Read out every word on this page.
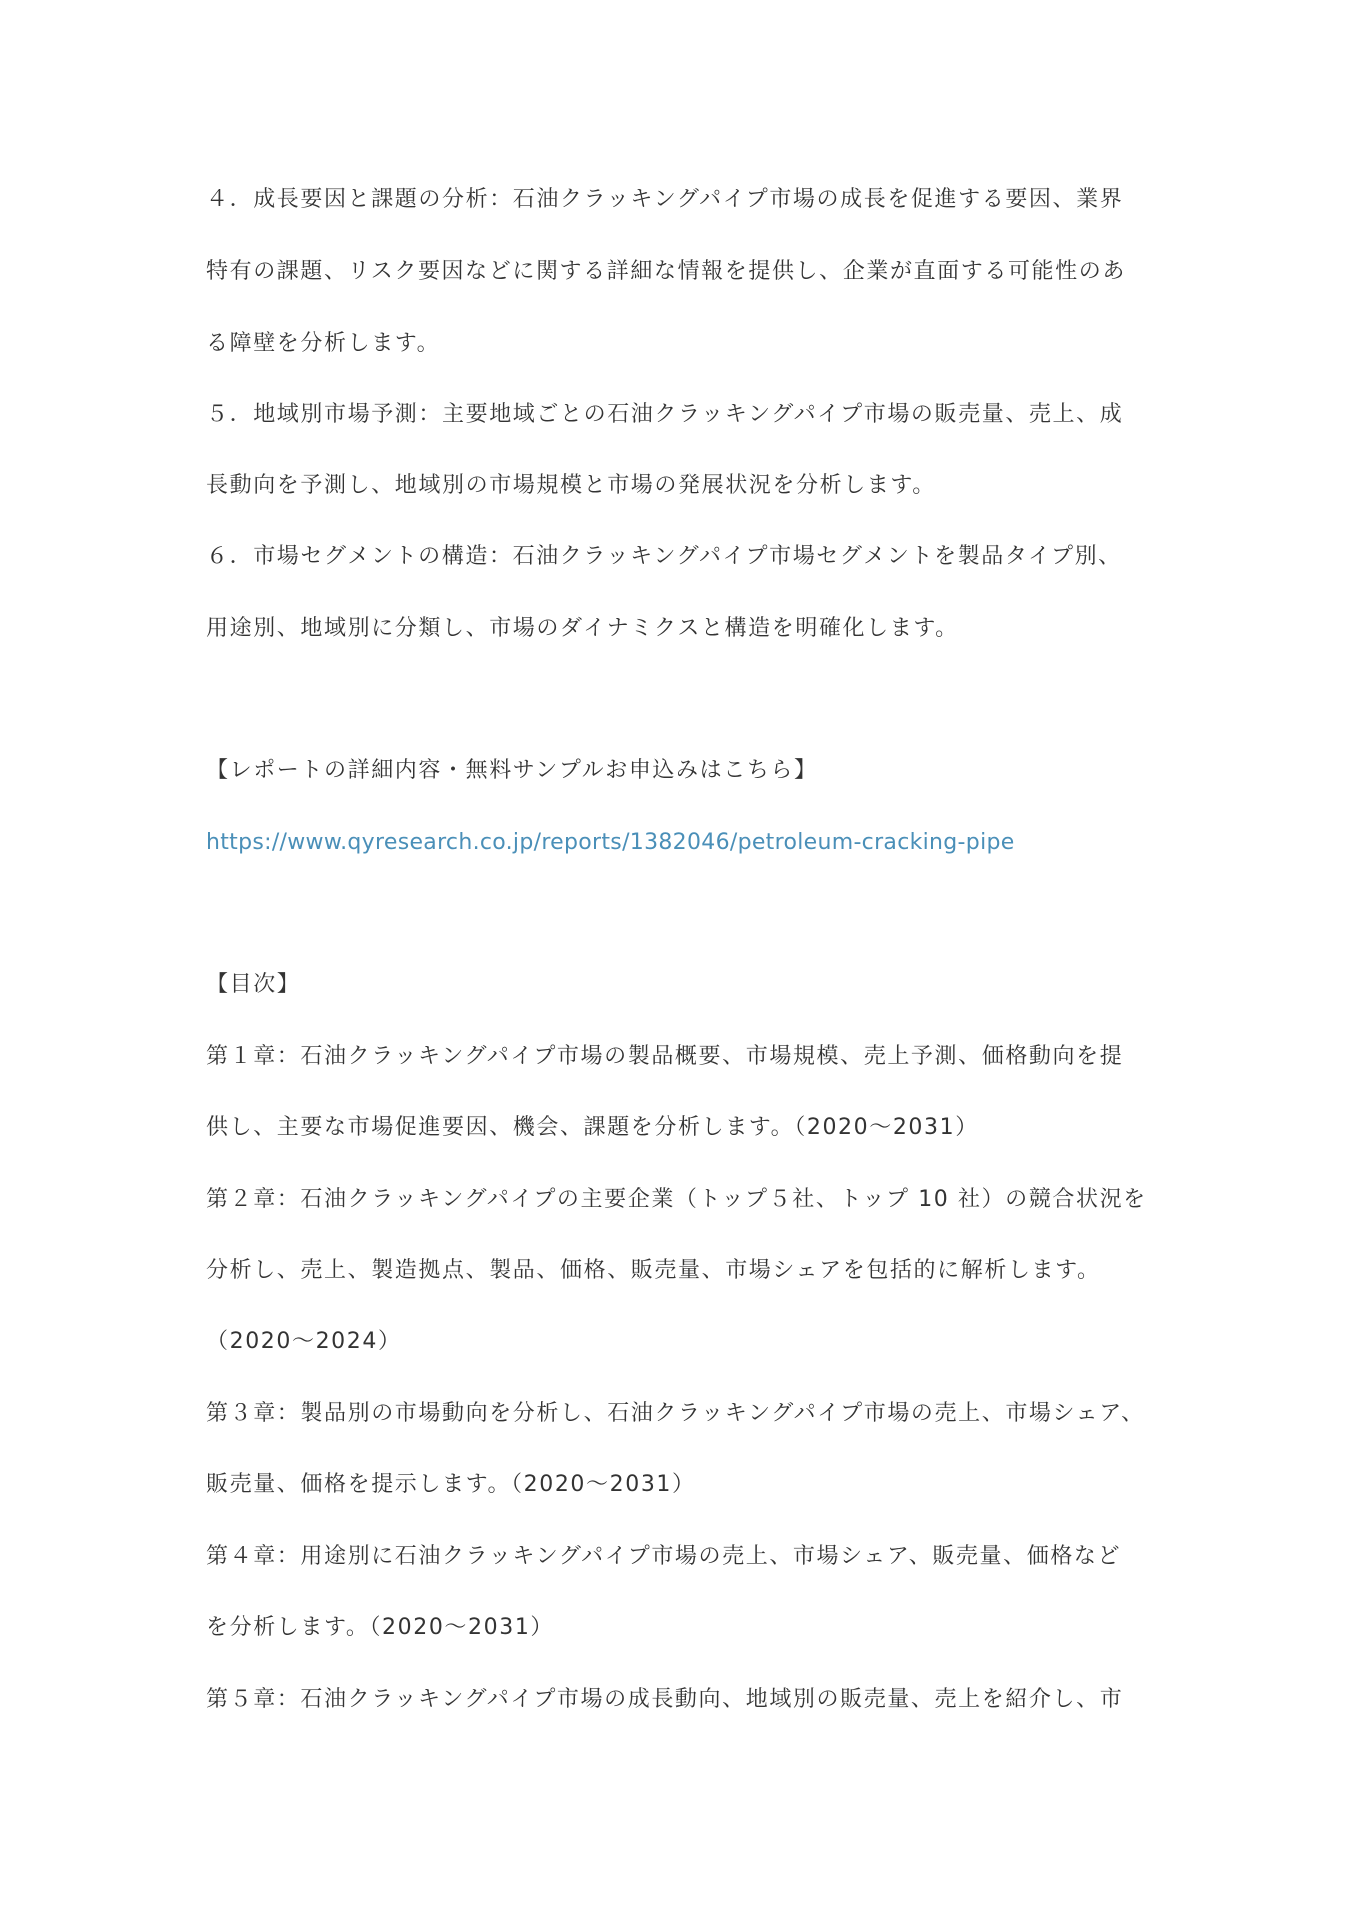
４．成長要因と課題の分析：石油クラッキングパイプ市場の成長を促進する要因、業界
特有の課題、リスク要因などに関する詳細な情報を提供し、企業が直面する可能性のあ
る障壁を分析します。
５．地域別市場予測：主要地域ごとの石油クラッキングパイプ市場の販売量、売上、成
長動向を予測し、地域別の市場規模と市場の発展状況を分析します。
６．市場セグメントの構造：石油クラッキングパイプ市場セグメントを製品タイプ別、
用途別、地域別に分類し、市場のダイナミクスと構造を明確化します。
【レポートの詳細内容・無料サンプルお申込みはこちら】
https://www.qyresearch.co.jp/reports/1382046/petroleum-cracking-pipe
【目次】
第１章：石油クラッキングパイプ市場の製品概要、市場規模、売上予測、価格動向を提
供し、主要な市場促進要因、機会、課題を分析します。（2020～2031）
第２章：石油クラッキングパイプの主要企業（トップ５社、トップ 10 社）の競合状況を
分析し、売上、製造拠点、製品、価格、販売量、市場シェアを包括的に解析します。
（2020～2024）
第３章：製品別の市場動向を分析し、石油クラッキングパイプ市場の売上、市場シェア、
販売量、価格を提示します。（2020～2031）
第４章：用途別に石油クラッキングパイプ市場の売上、市場シェア、販売量、価格など
を分析します。（2020～2031）
第５章：石油クラッキングパイプ市場の成長動向、地域別の販売量、売上を紹介し、市
